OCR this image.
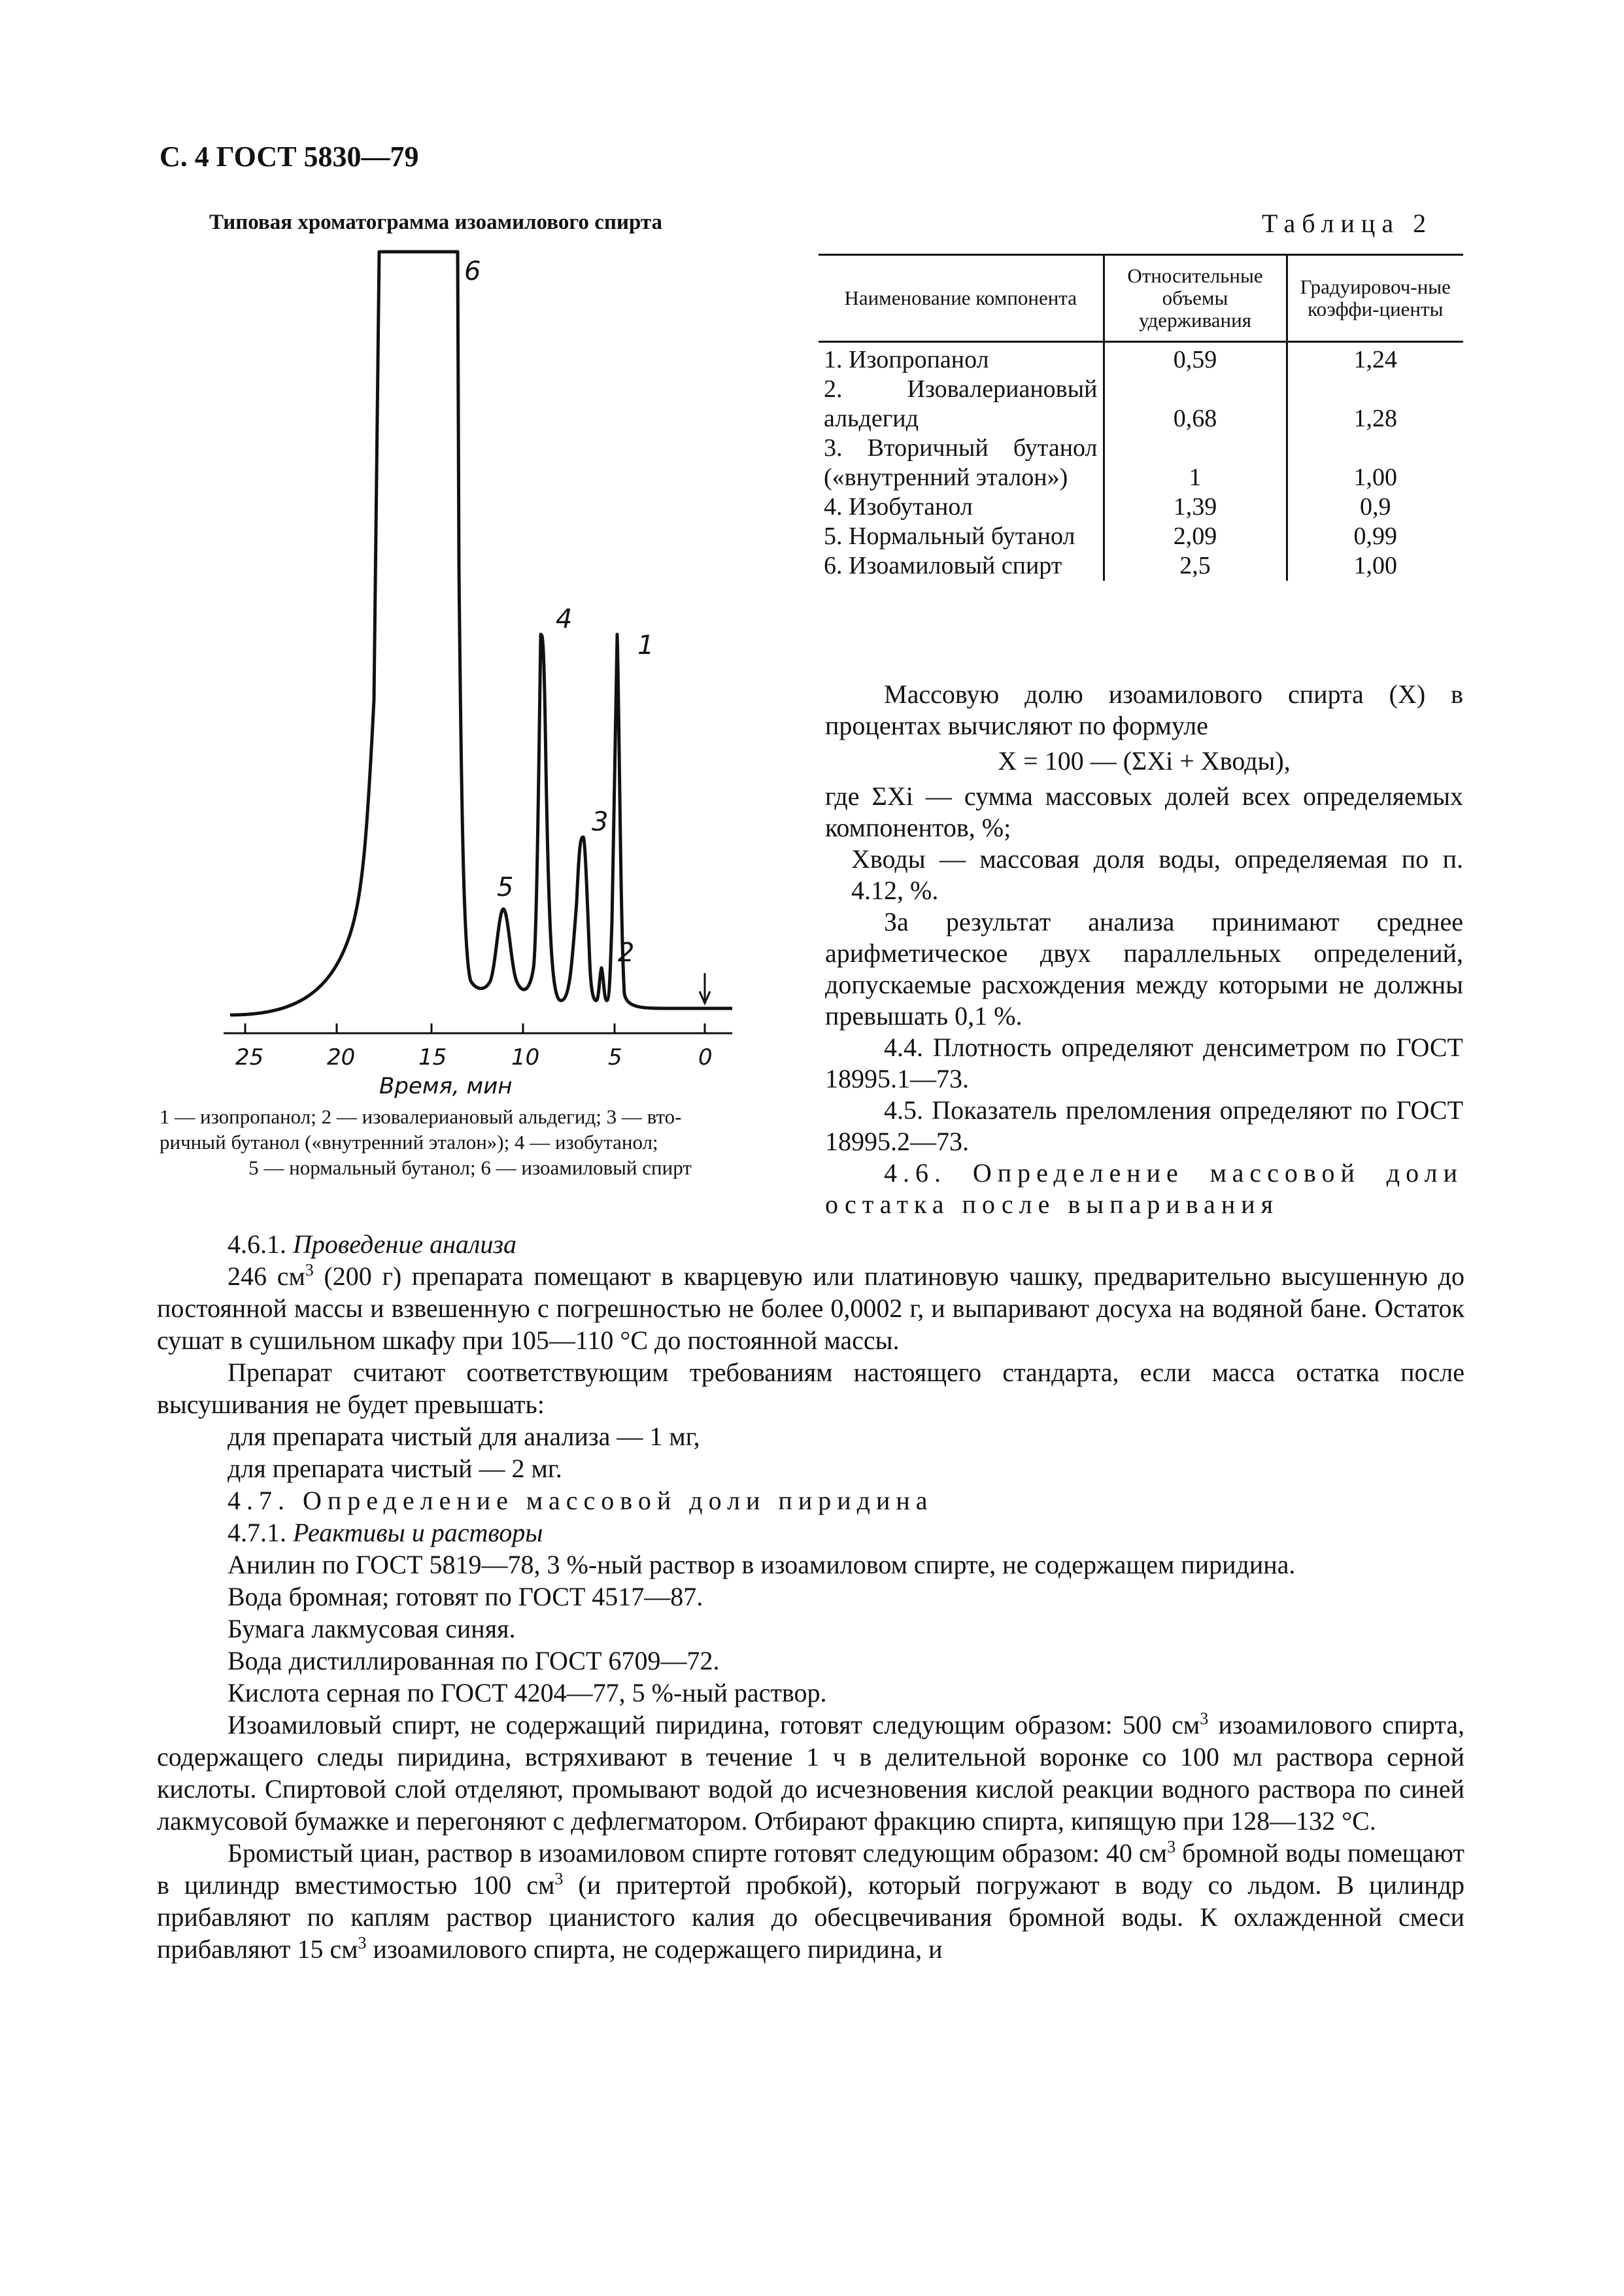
С. 4 ГОСТ 5830—79
Типовая хроматограмма изоамилового спирта
25	20	15	10	5	0
Время, мин
6
4
1
3
5
2
1 — изопропанол; 2 — изовалериановый альдегид; 3 — вто-
ричный бутанол («внутренний эталон»); 4 — изобутанол;
5 — нормальный бутанол; 6 — изоамиловый спирт
Таблица 2
Наименование компонента	Относительные объемы удерживания	Градуировоч-ные коэффи-циенты
1. Изопропанол	0,59	1,24
2. Изовалериановый альдегид	0,68	1,28
3. Вторичный бутанол («внутренний эталон»)	1	1,00
4. Изобутанол	1,39	0,9
5. Нормальный бутанол	2,09	0,99
6. Изоамиловый спирт	2,5	1,00

Массовую долю изоамилового спирта (X) в процентах вычисляют по формуле

X = 100 — (ΣXi + Xводы),

где ΣXi — сумма массовых долей всех определяемых компонентов, %;

Xводы — массовая доля воды, определяемая по п. 4.12, %.

За результат анализа принимают среднее арифметическое двух параллельных определений, допускаемые расхождения между которыми не должны превышать 0,1 %.

4.4. Плотность определяют денсиметром по ГОСТ 18995.1—73.

4.5. Показатель преломления определяют по ГОСТ 18995.2—73.

4.6. Определение массовой доли остатка после выпаривания

4.6.1. Проведение анализа

246 $см^3$ (200 г) препарата помещают в кварцевую или платиновую чашку, предварительно высушенную до постоянной массы и взвешенную с погрешностью не более 0,0002 г, и выпаривают досуха на водяной бане. Остаток сушат в сушильном шкафу при 105—110 °С до постоянной массы.

Препарат считают соответствующим требованиям настоящего стандарта, если масса остатка после высушивания не будет превышать:

для препарата чистый для анализа — 1 мг,

для препарата чистый — 2 мг.

4.7. Определение массовой доли пиридина

4.7.1. Реактивы и растворы

Анилин по ГОСТ 5819—78, 3 %-ный раствор в изоамиловом спирте, не содержащем пиридина.

Вода бромная; готовят по ГОСТ 4517—87.

Бумага лакмусовая синяя.

Вода дистиллированная по ГОСТ 6709—72.

Кислота серная по ГОСТ 4204—77, 5 %-ный раствор.

Изоамиловый спирт, не содержащий пиридина, готовят следующим образом: 500 $см^3$ изоамилового спирта, содержащего следы пиридина, встряхивают в течение 1 ч в делительной воронке со 100 мл раствора серной кислоты. Спиртовой слой отделяют, промывают водой до исчезновения кислой реакции водного раствора по синей лакмусовой бумажке и перегоняют с дефлегматором. Отбирают фракцию спирта, кипящую при 128—132 °С.

Бромистый циан, раствор в изоамиловом спирте готовят следующим образом: 40 $см^3$ бромной воды помещают в цилиндр вместимостью 100 $см^3$ (и притертой пробкой), который погружают в воду со льдом. В цилиндр прибавляют по каплям раствор цианистого калия до обесцвечивания бромной воды. К охлажденной смеси прибавляют 15 $см^3$ изоамилового спирта, не содержащего пиридина, и
